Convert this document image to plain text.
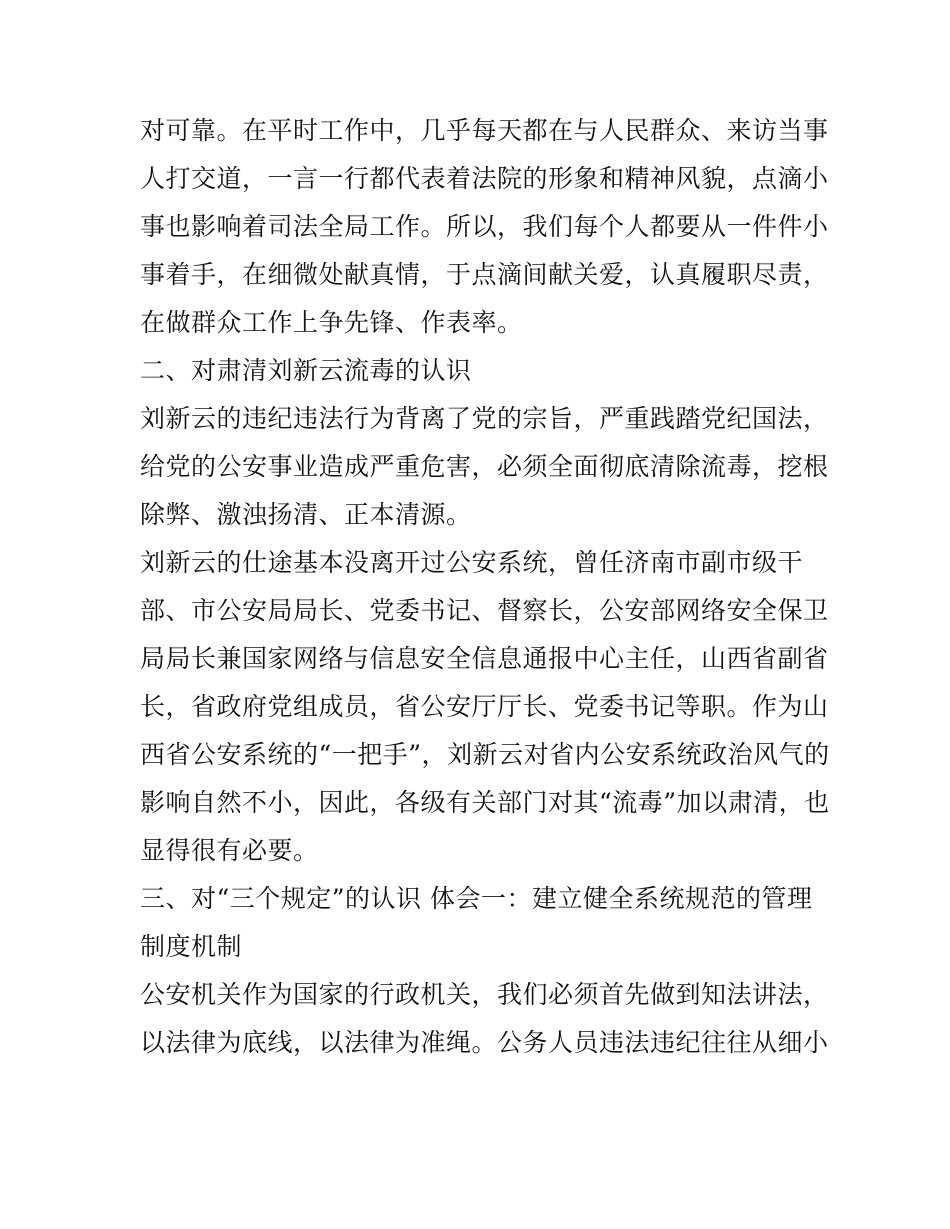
对可靠。在平时工作中，几乎每天都在与人民群众、来访当事
人打交道，一言一行都代表着法院的形象和精神风貌，点滴小
事也影响着司法全局工作。所以，我们每个人都要从一件件小
事着手，在细微处献真情，于点滴间献关爱，认真履职尽责，
在做群众工作上争先锋、作表率。
二、对肃清刘新云流毒的认识
刘新云的违纪违法行为背离了党的宗旨，严重践踏党纪国法，
给党的公安事业造成严重危害，必须全面彻底清除流毒，挖根
除弊、激浊扬清、正本清源。
刘新云的仕途基本没离开过公安系统，曾任济南市副市级干
部、市公安局局长、党委书记、督察长，公安部网络安全保卫
局局长兼国家网络与信息安全信息通报中心主任，山西省副省
长，省政府党组成员，省公安厅厅长、党委书记等职。作为山
西省公安系统的“一把手”，刘新云对省内公安系统政治风气的
影响自然不小，因此，各级有关部门对其“流毒”加以肃清，也
显得很有必要。
三、对“三个规定”的认识 体会一：建立健全系统规范的管理
制度机制
公安机关作为国家的行政机关，我们必须首先做到知法讲法，
以法律为底线，以法律为准绳。公务人员违法违纪往往从细小
